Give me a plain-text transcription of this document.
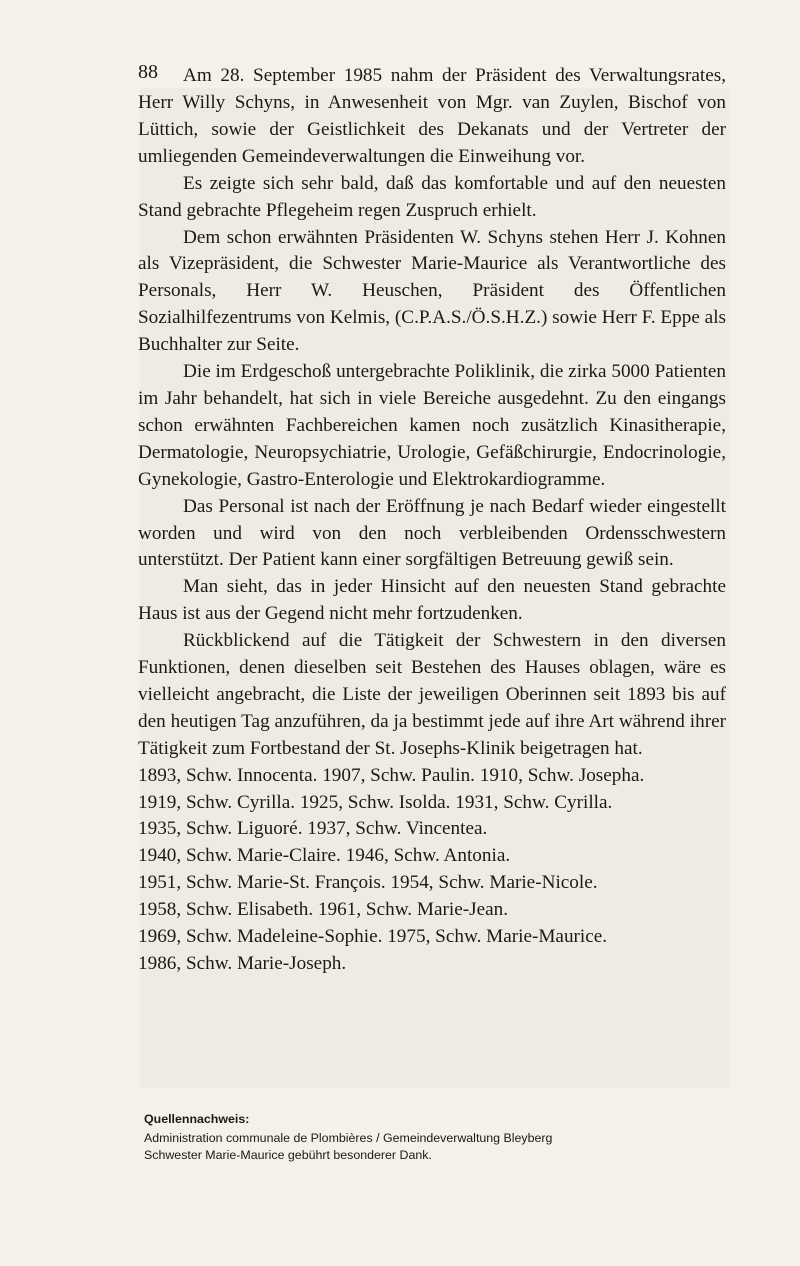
88	Am 28. September 1985 nahm der Präsident des Verwaltungsrates, Herr Willy Schyns, in Anwesenheit von Mgr. van Zuylen, Bischof von Lüttich, sowie der Geistlichkeit des Dekanats und der Vertreter der umliegenden Gemeindeverwaltungen die Einweihung vor.

Es zeigte sich sehr bald, daß das komfortable und auf den neuesten Stand gebrachte Pflegeheim regen Zuspruch erhielt.

Dem schon erwähnten Präsidenten W. Schyns stehen Herr J. Kohnen als Vizepräsident, die Schwester Marie-Maurice als Verantwortliche des Personals, Herr W. Heuschen, Präsident des Öffentlichen Sozialhilfezentrums von Kelmis, (C.P.A.S./Ö.S.H.Z.) sowie Herr F. Eppe als Buchhalter zur Seite.

Die im Erdgeschoß untergebrachte Poliklinik, die zirka 5000 Patienten im Jahr behandelt, hat sich in viele Bereiche ausgedehnt. Zu den eingangs schon erwähnten Fachbereichen kamen noch zusätzlich Kinasitherapie, Dermatologie, Neuropsychiatrie, Urologie, Gefäßchirurgie, Endocrinologie, Gynekologie, Gastro-Enterologie und Elektrokardiogramme.

Das Personal ist nach der Eröffnung je nach Bedarf wieder eingestellt worden und wird von den noch verbleibenden Ordensschwestern unterstützt. Der Patient kann einer sorgfältigen Betreuung gewiß sein.

Man sieht, das in jeder Hinsicht auf den neuesten Stand gebrachte Haus ist aus der Gegend nicht mehr fortzudenken.

Rückblickend auf die Tätigkeit der Schwestern in den diversen Funktionen, denen dieselben seit Bestehen des Hauses oblagen, wäre es vielleicht angebracht, die Liste der jeweiligen Oberinnen seit 1893 bis auf den heutigen Tag anzuführen, da ja bestimmt jede auf ihre Art während ihrer Tätigkeit zum Fortbestand der St. Josephs-Klinik beigetragen hat.

1893, Schw. Innocenta. 1907, Schw. Paulin. 1910, Schw. Josepha.
1919, Schw. Cyrilla. 1925, Schw. Isolda. 1931, Schw. Cyrilla.
1935, Schw. Liguoré. 1937, Schw. Vincentea.
1940, Schw. Marie-Claire. 1946, Schw. Antonia.
1951, Schw. Marie-St. François. 1954, Schw. Marie-Nicole.
1958, Schw. Elisabeth. 1961, Schw. Marie-Jean.
1969, Schw. Madeleine-Sophie. 1975, Schw. Marie-Maurice.
1986, Schw. Marie-Joseph.
Quellennachweis:
Administration communale de Plombières / Gemeindeverwaltung Bleyberg
Schwester Marie-Maurice gebührt besonderer Dank.
